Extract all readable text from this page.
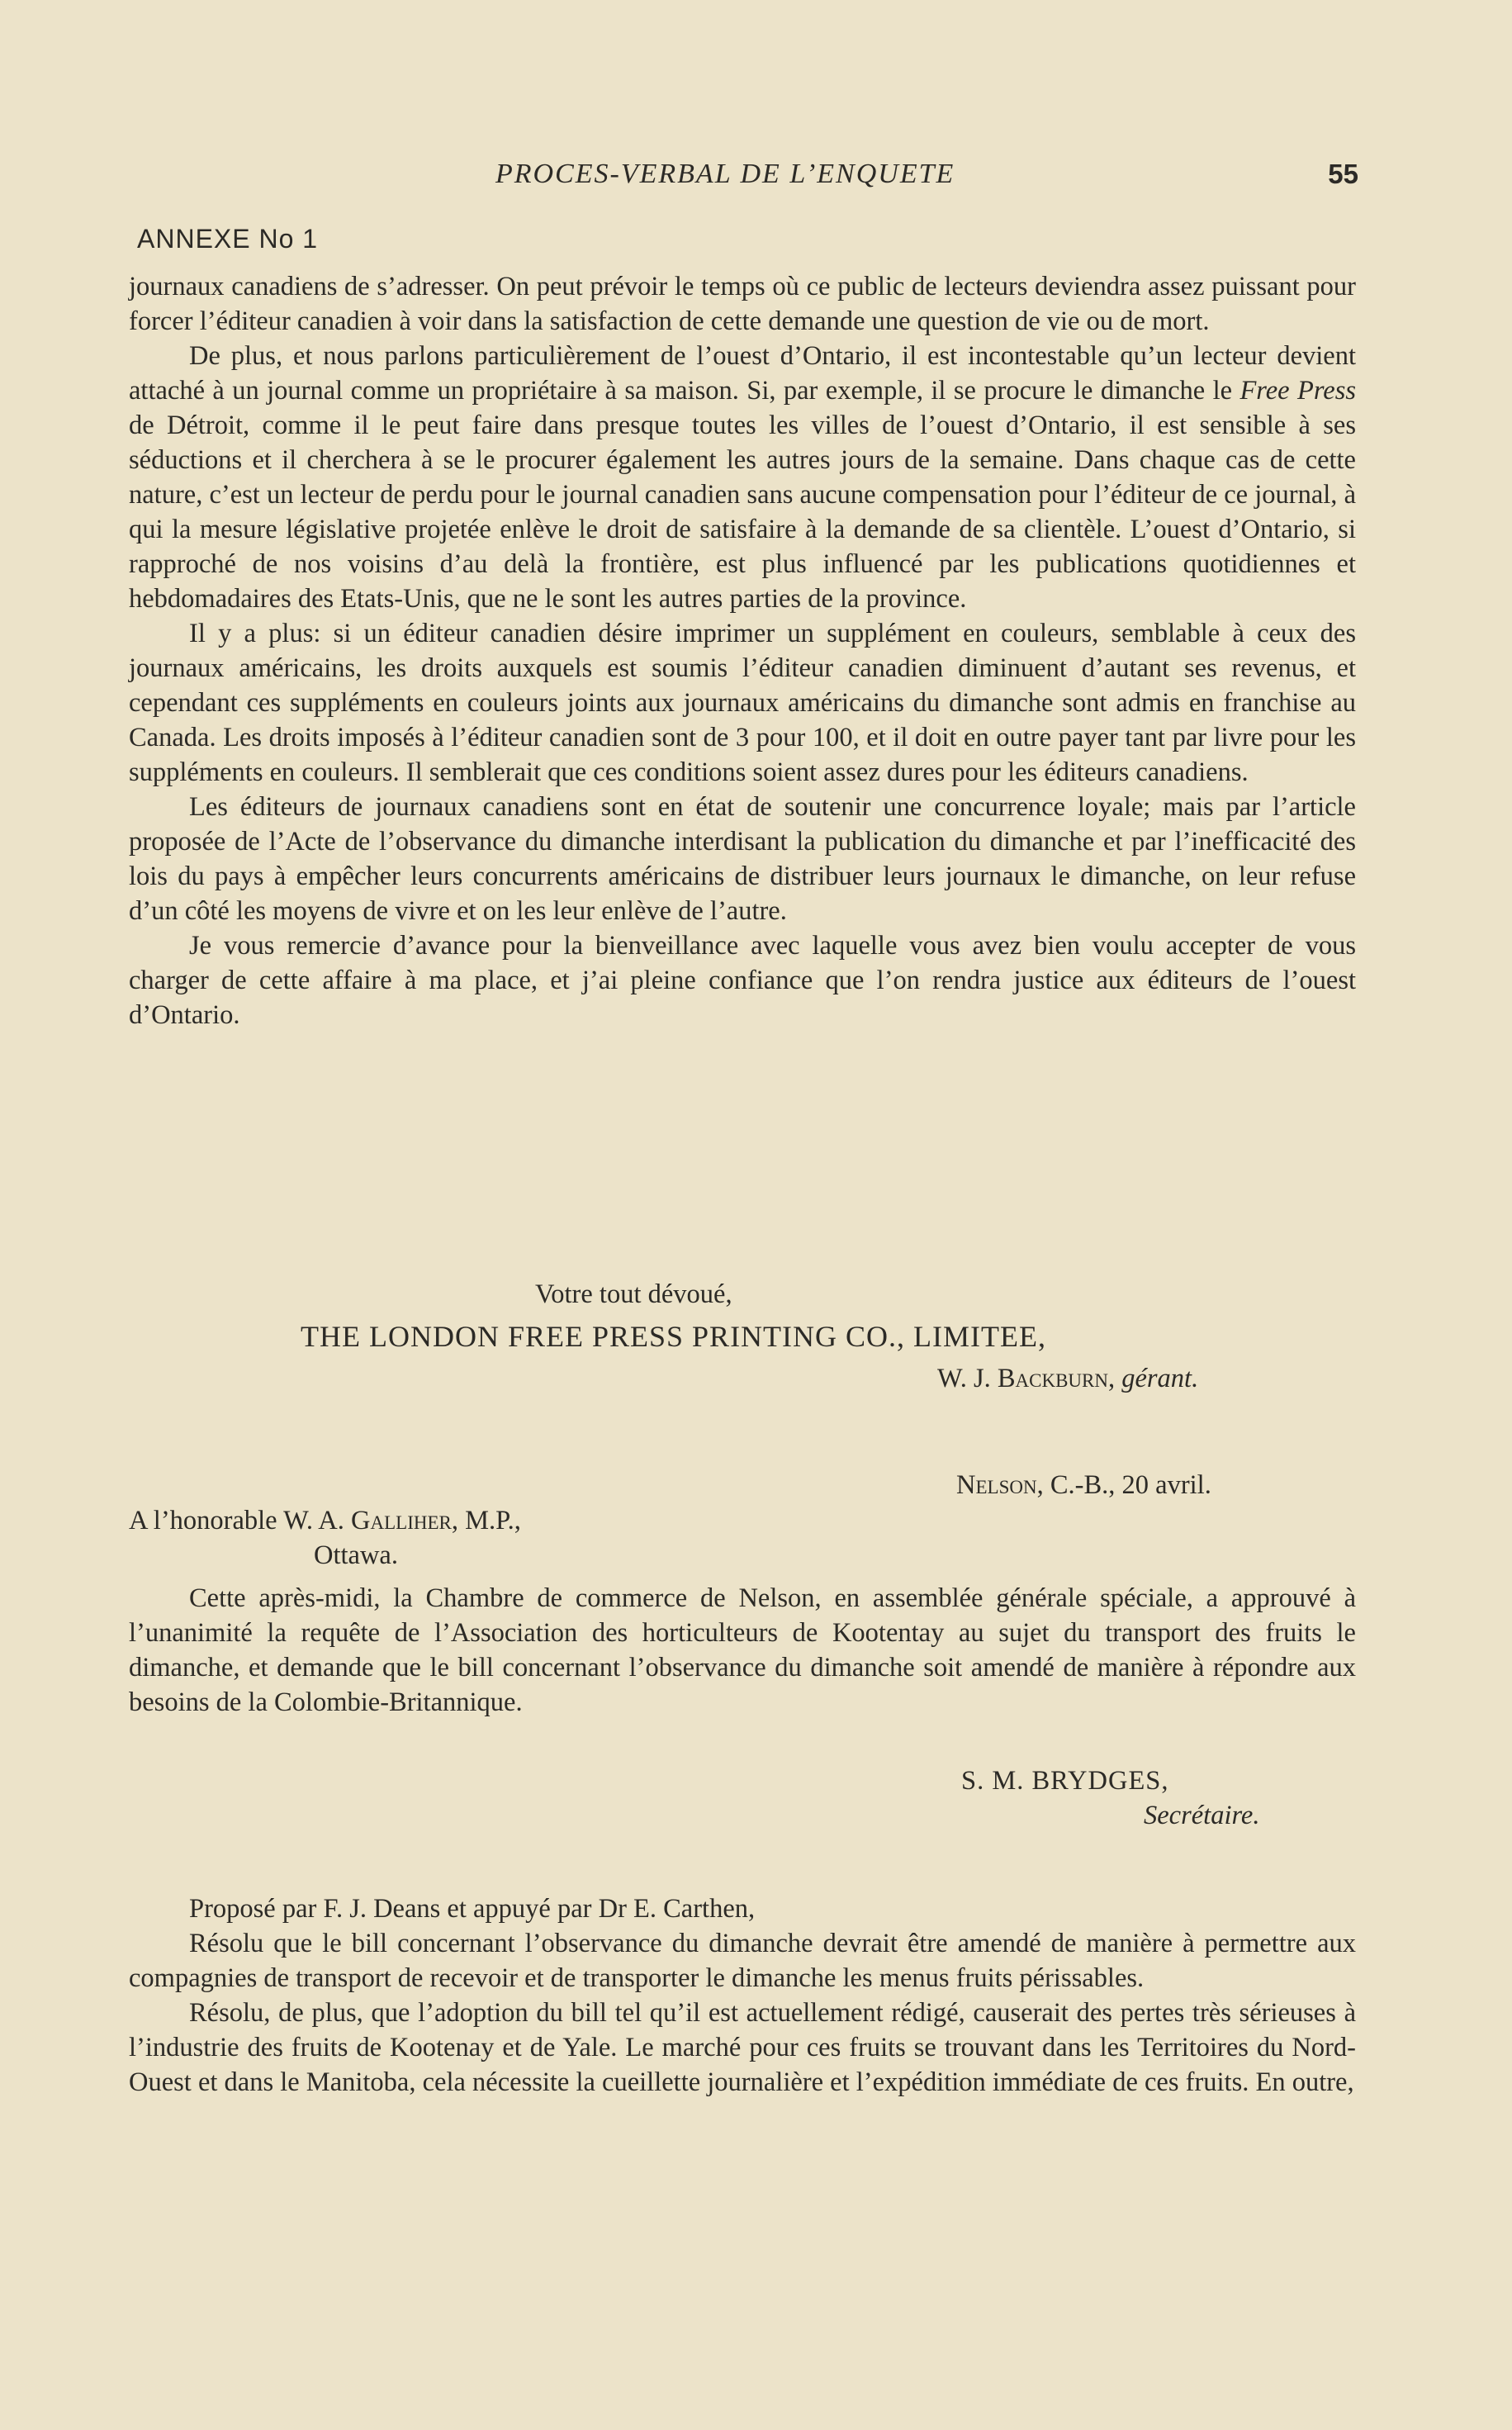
PROCES-VERBAL DE L’ENQUETE	55
ANNEXE No 1

journaux canadiens de s’adresser. On peut prévoir le temps où ce public de lecteurs deviendra assez puissant pour forcer l’éditeur canadien à voir dans la satisfaction de cette demande une question de vie ou de mort.

De plus, et nous parlons particulièrement de l’ouest d’Ontario, il est incontestable qu’un lecteur devient attaché à un journal comme un propriétaire à sa maison. Si, par exemple, il se procure le dimanche le Free Press de Détroit, comme il le peut faire dans presque toutes les villes de l’ouest d’Ontario, il est sensible à ses séductions et il cherchera à se le procurer également les autres jours de la semaine. Dans chaque cas de cette nature, c’est un lecteur de perdu pour le journal canadien sans aucune compensation pour l’éditeur de ce journal, à qui la mesure législative projetée enlève le droit de satisfaire à la demande de sa clientèle. L’ouest d’Ontario, si rapproché de nos voisins d’au delà la frontière, est plus influencé par les publications quotidiennes et hebdomadaires des Etats-Unis, que ne le sont les autres parties de la province.

Il y a plus: si un éditeur canadien désire imprimer un supplément en couleurs, semblable à ceux des journaux américains, les droits auxquels est soumis l’éditeur canadien diminuent d’autant ses revenus, et cependant ces suppléments en couleurs joints aux journaux américains du dimanche sont admis en franchise au Canada. Les droits imposés à l’éditeur canadien sont de 3 pour 100, et il doit en outre payer tant par livre pour les suppléments en couleurs. Il semblerait que ces conditions soient assez dures pour les éditeurs canadiens.

Les éditeurs de journaux canadiens sont en état de soutenir une concurrence loyale; mais par l’article proposée de l’Acte de l’observance du dimanche interdisant la publication du dimanche et par l’inefficacité des lois du pays à empêcher leurs concurrents américains de distribuer leurs journaux le dimanche, on leur refuse d’un côté les moyens de vivre et on les leur enlève de l’autre.

Je vous remercie d’avance pour la bienveillance avec laquelle vous avez bien voulu accepter de vous charger de cette affaire à ma place, et j’ai pleine confiance que l’on rendra justice aux éditeurs de l’ouest d’Ontario.

Votre tout dévoué,
THE LONDON FREE PRESS PRINTING CO., LIMITEE,
W. J. Backburn, gérant.
Nelson, C.-B., 20 avril.
A l’honorable W. A. Galliher, M.P.,
Ottawa.

Cette après-midi, la Chambre de commerce de Nelson, en assemblée générale spéciale, a approuvé à l’unanimité la requête de l’Association des horticulteurs de Kootentay au sujet du transport des fruits le dimanche, et demande que le bill concernant l’observance du dimanche soit amendé de manière à répondre aux besoins de la Colombie-Britannique.

S. M. BRYDGES,
Secrétaire.

Proposé par F. J. Deans et appuyé par Dr E. Carthen,

Résolu que le bill concernant l’observance du dimanche devrait être amendé de manière à permettre aux compagnies de transport de recevoir et de transporter le dimanche les menus fruits périssables.

Résolu, de plus, que l’adoption du bill tel qu’il est actuellement rédigé, causerait des pertes très sérieuses à l’industrie des fruits de Kootenay et de Yale. Le marché pour ces fruits se trouvant dans les Territoires du Nord-Ouest et dans le Manitoba, cela nécessite la cueillette journalière et l’expédition immédiate de ces fruits. En outre,
